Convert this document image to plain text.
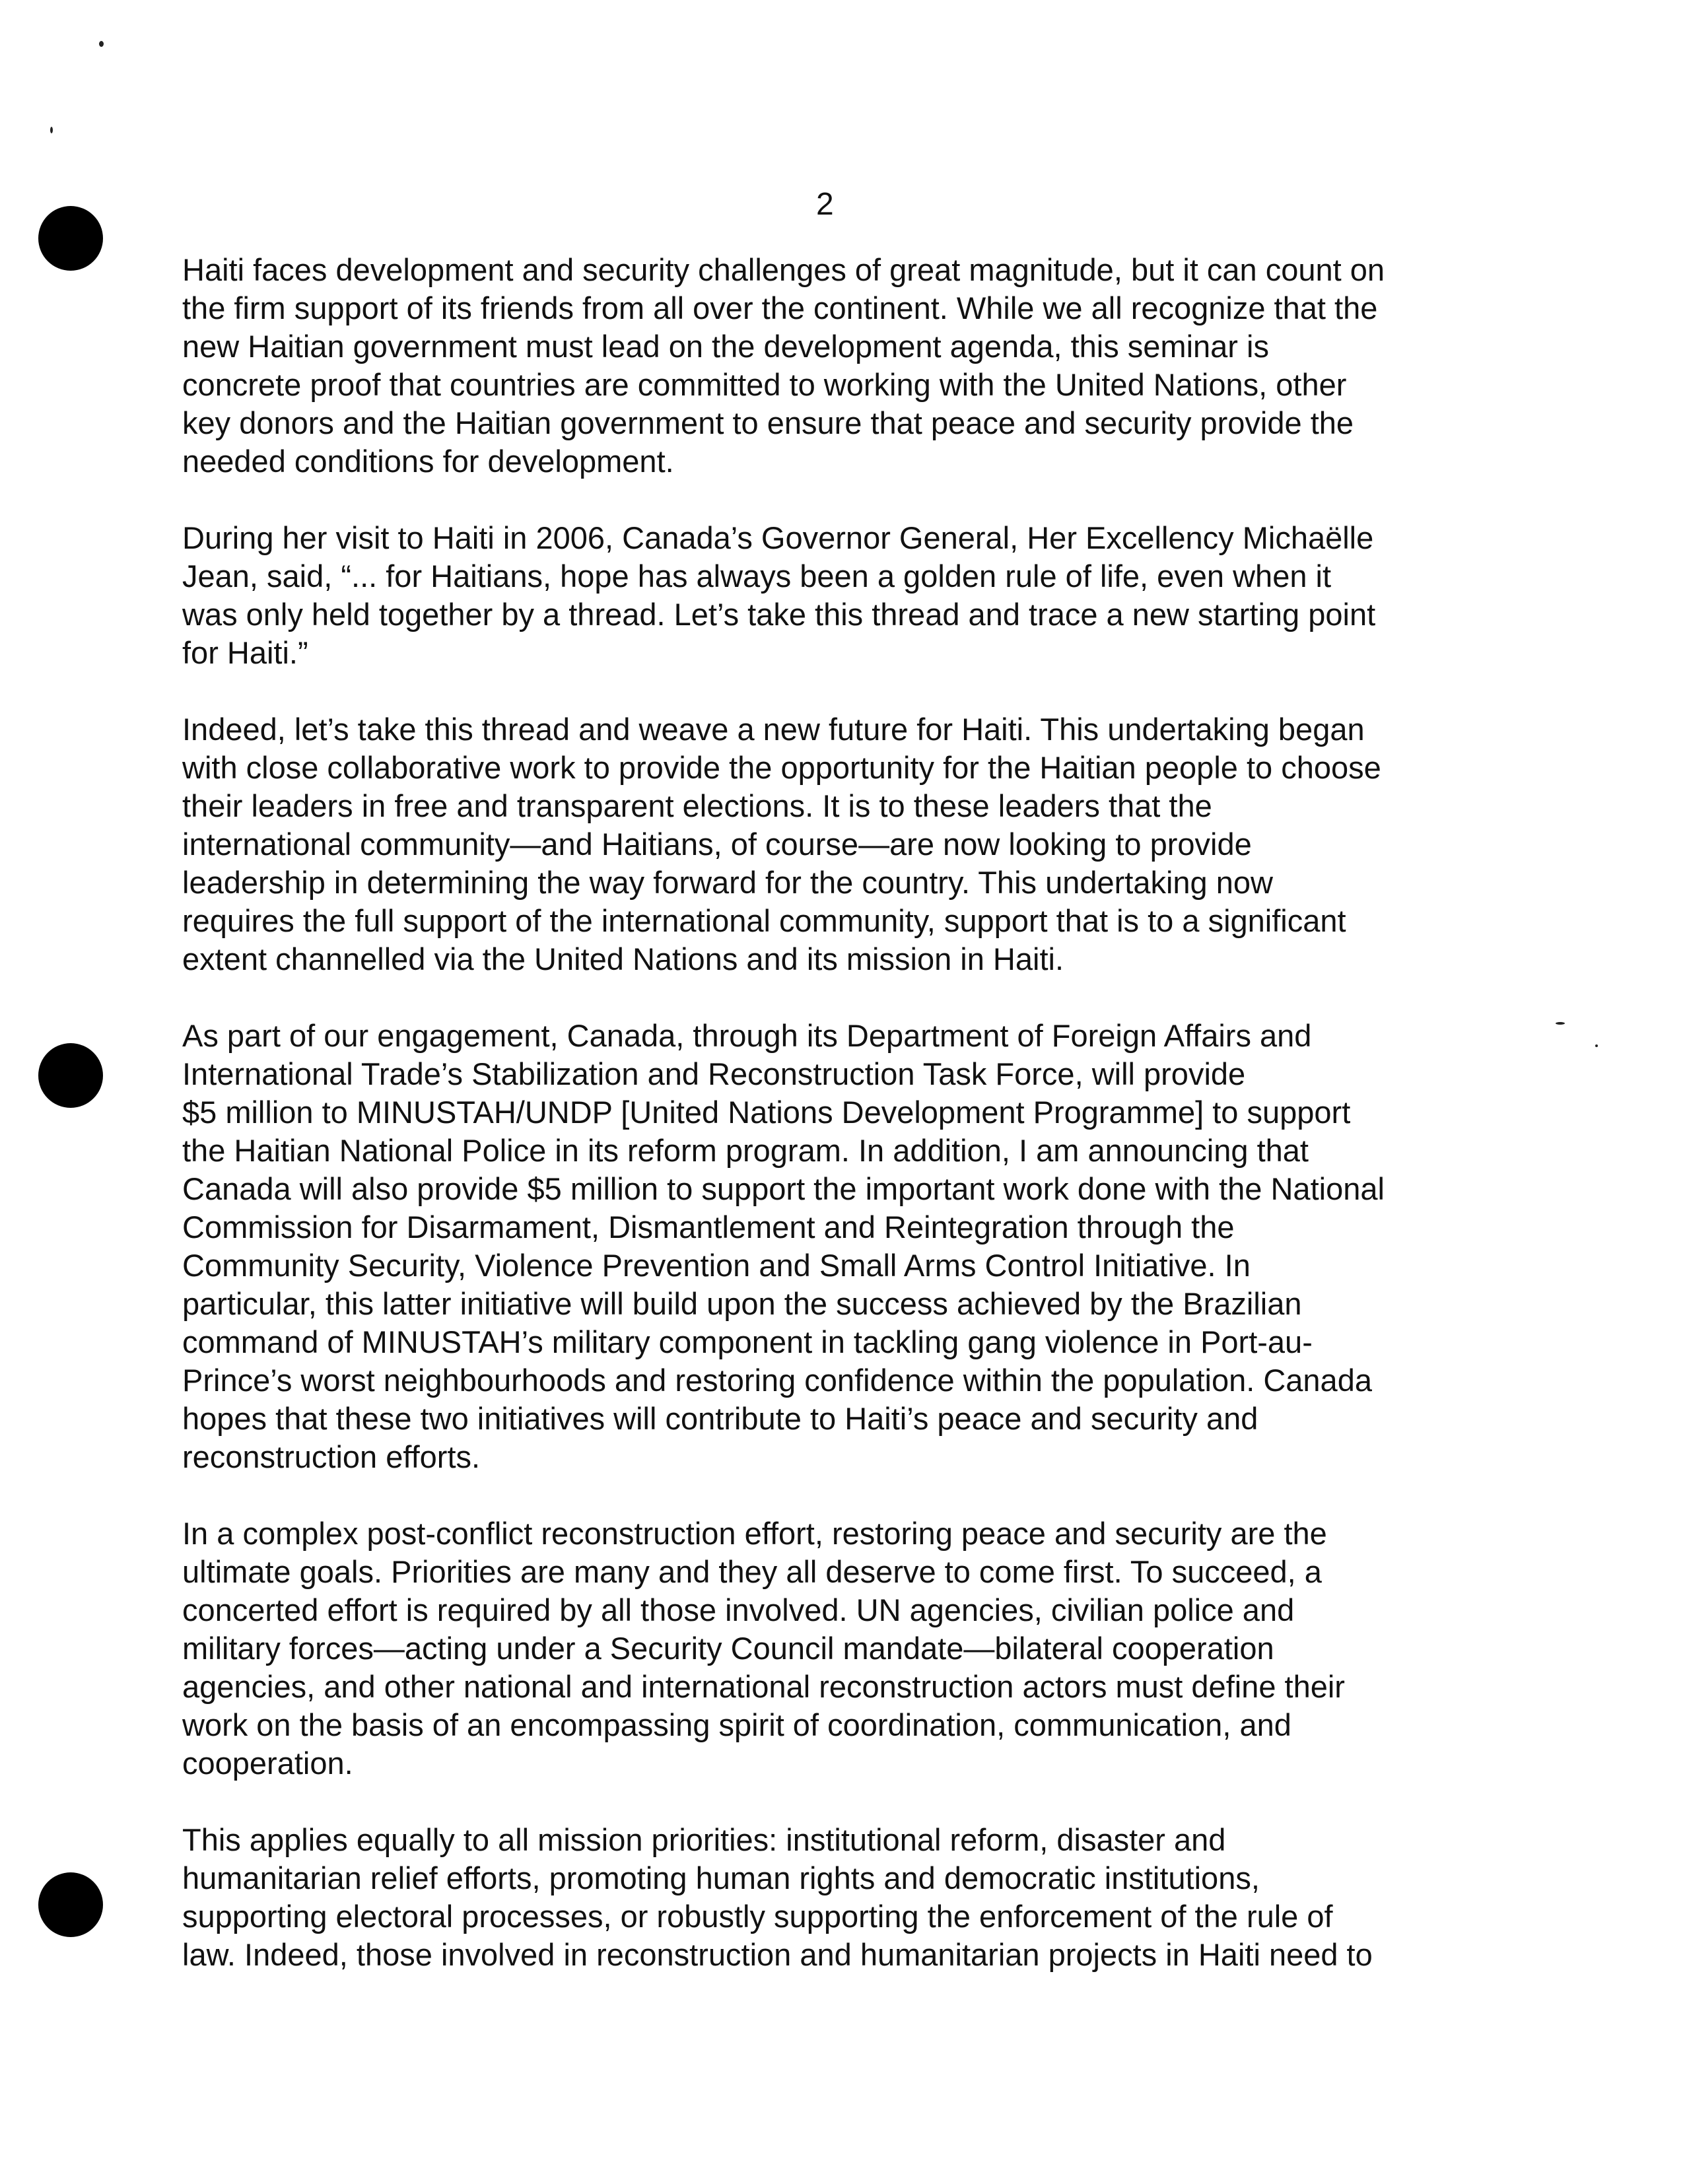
2

Haiti faces development and security challenges of great magnitude, but it can count on
the firm support of its friends from all over the continent. While we all recognize that the
new Haitian government must lead on the development agenda, this seminar is
concrete proof that countries are committed to working with the United Nations, other
key donors and the Haitian government to ensure that peace and security provide the
needed conditions for development.

During her visit to Haiti in 2006, Canada’s Governor General, Her Excellency Michaëlle
Jean, said, “... for Haitians, hope has always been a golden rule of life, even when it
was only held together by a thread. Let’s take this thread and trace a new starting point
for Haiti.”

Indeed, let’s take this thread and weave a new future for Haiti. This undertaking began
with close collaborative work to provide the opportunity for the Haitian people to choose
their leaders in free and transparent elections. It is to these leaders that the
international community—and Haitians, of course—are now looking to provide
leadership in determining the way forward for the country. This undertaking now
requires the full support of the international community, support that is to a significant
extent channelled via the United Nations and its mission in Haiti.

As part of our engagement, Canada, through its Department of Foreign Affairs and
International Trade’s Stabilization and Reconstruction Task Force, will provide
$5 million to MINUSTAH/UNDP [United Nations Development Programme] to support
the Haitian National Police in its reform program. In addition, I am announcing that
Canada will also provide $5 million to support the important work done with the National
Commission for Disarmament, Dismantlement and Reintegration through the
Community Security, Violence Prevention and Small Arms Control Initiative. In
particular, this latter initiative will build upon the success achieved by the Brazilian
command of MINUSTAH’s military component in tackling gang violence in Port-au-
Prince’s worst neighbourhoods and restoring confidence within the population. Canada
hopes that these two initiatives will contribute to Haiti’s peace and security and
reconstruction efforts.

In a complex post-conflict reconstruction effort, restoring peace and security are the
ultimate goals. Priorities are many and they all deserve to come first. To succeed, a
concerted effort is required by all those involved. UN agencies, civilian police and
military forces—acting under a Security Council mandate—bilateral cooperation
agencies, and other national and international reconstruction actors must define their
work on the basis of an encompassing spirit of coordination, communication, and
cooperation.

This applies equally to all mission priorities: institutional reform, disaster and
humanitarian relief efforts, promoting human rights and democratic institutions,
supporting electoral processes, or robustly supporting the enforcement of the rule of
law. Indeed, those involved in reconstruction and humanitarian projects in Haiti need to
